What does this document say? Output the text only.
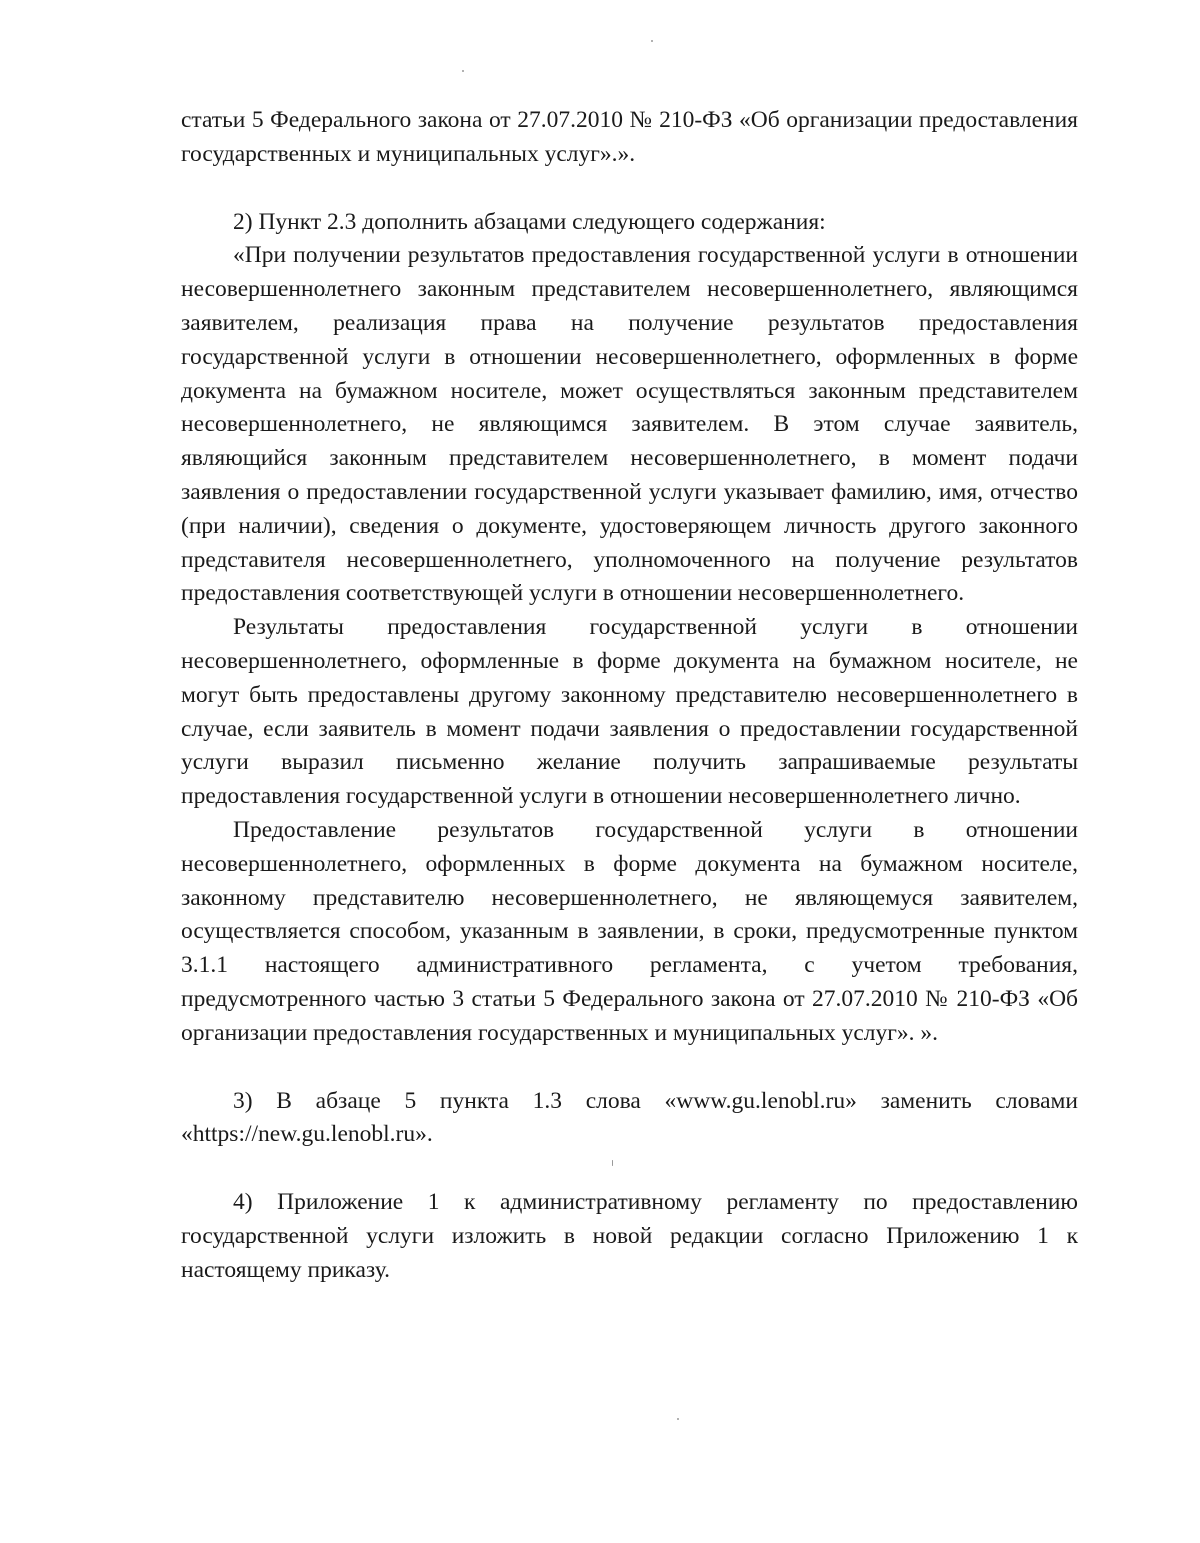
статьи 5 Федерального закона от 27.07.2010 № 210-ФЗ «Об организации предоставления государственных и муниципальных услуг».».

2) Пункт 2.3 дополнить абзацами следующего содержания:

«При получении результатов предоставления государственной услуги в отношении несовершеннолетнего законным представителем несовершеннолетнего, являющимся заявителем, реализация права на получение результатов предоставления государственной услуги в отношении несовершеннолетнего, оформленных в форме документа на бумажном носителе, может осуществляться законным представителем несовершеннолетнего, не являющимся заявителем. В этом случае заявитель, являющийся законным представителем несовершеннолетнего, в момент подачи заявления о предоставлении государственной услуги указывает фамилию, имя, отчество (при наличии), сведения о документе, удостоверяющем личность другого законного представителя несовершеннолетнего, уполномоченного на получение результатов предоставления соответствующей услуги в отношении несовершеннолетнего.

Результаты предоставления государственной услуги в отношении несовершеннолетнего, оформленные в форме документа на бумажном носителе, не могут быть предоставлены другому законному представителю несовершеннолетнего в случае, если заявитель в момент подачи заявления о предоставлении государственной услуги выразил письменно желание получить запрашиваемые результаты предоставления государственной услуги в отношении несовершеннолетнего лично.

Предоставление результатов государственной услуги в отношении несовершеннолетнего, оформленных в форме документа на бумажном носителе, законному представителю несовершеннолетнего, не являющемуся заявителем, осуществляется способом, указанным в заявлении, в сроки, предусмотренные пунктом 3.1.1 настоящего административного регламента, с учетом требования, предусмотренного частью 3 статьи 5 Федерального закона от 27.07.2010 № 210-ФЗ «Об организации предоставления государственных и муниципальных услуг». ».

3) В абзаце 5 пункта 1.3 слова «www.gu.lenobl.ru» заменить словами «https://new.gu.lenobl.ru».

4) Приложение 1 к административному регламенту по предоставлению государственной услуги изложить в новой редакции согласно Приложению 1 к настоящему приказу.
